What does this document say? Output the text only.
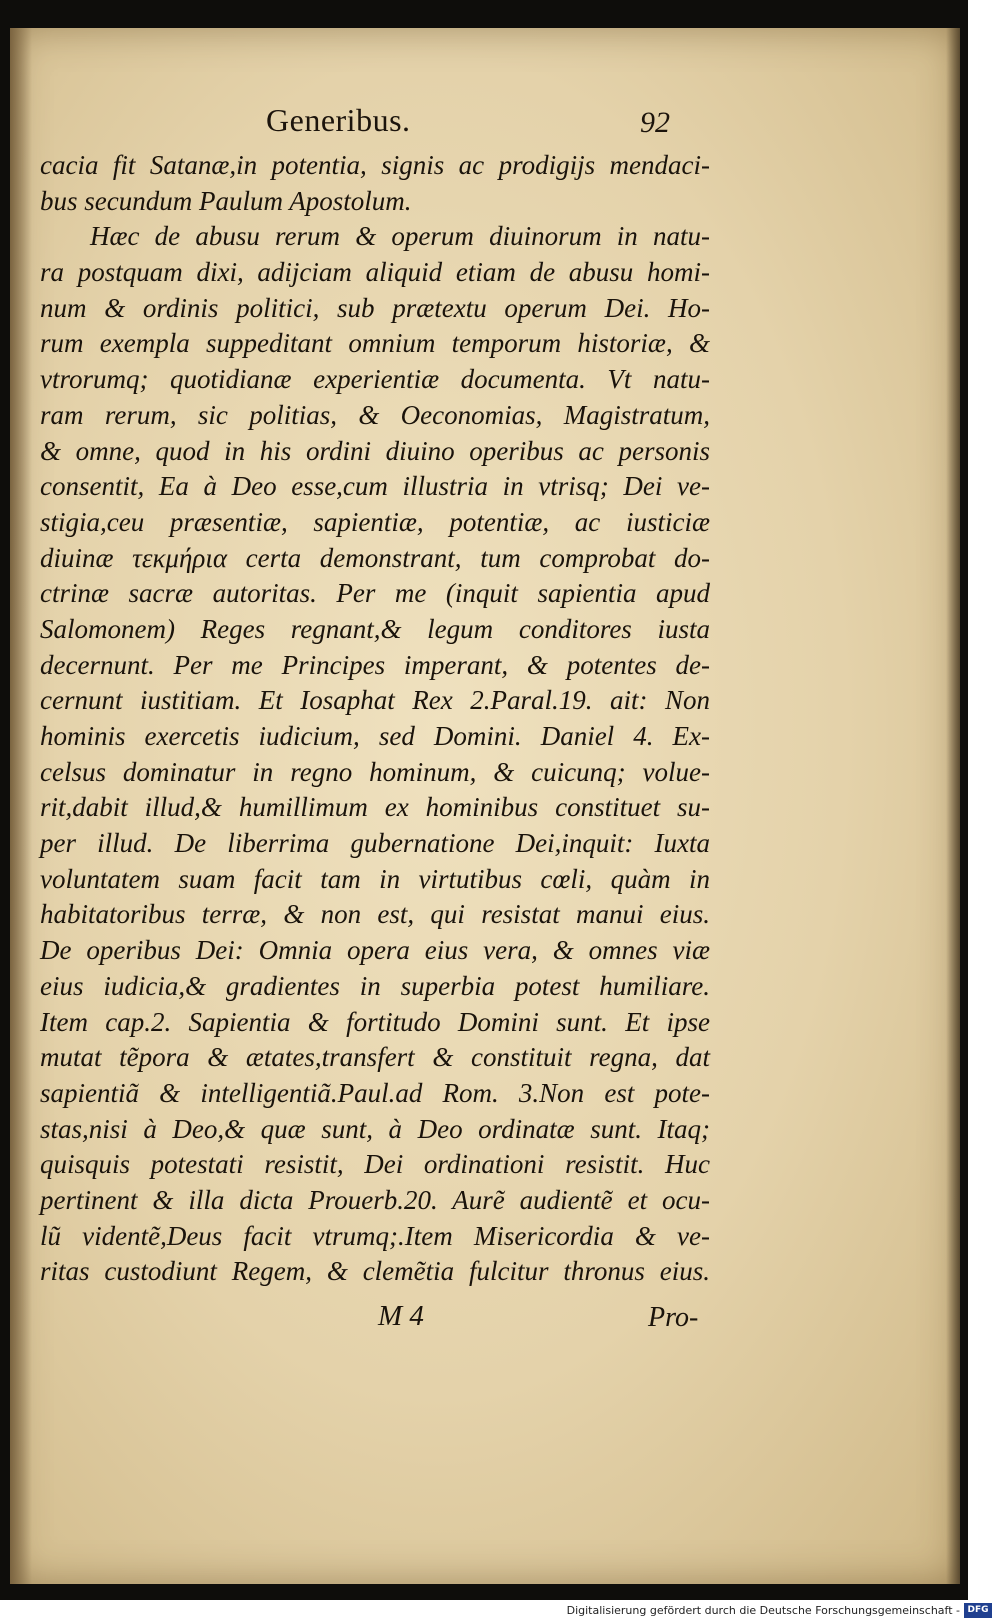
Generibus.	92
cacia fit Satanæ,in potentia, signis ac prodigijs mendaci-
bus secundum Paulum Apostolum.
Hæc de abusu rerum & operum diuinorum in natu-
ra postquam dixi, adijciam aliquid etiam de abusu homi-
num & ordinis politici, sub prætextu operum Dei. Ho-
rum exempla suppeditant omnium temporum historiæ, &
vtrorumq; quotidianæ experientiæ documenta. Vt natu-
ram rerum, sic politias, & Oeconomias, Magistratum,
& omne, quod in his ordini diuino operibus ac personis
consentit, Ea à Deo esse,cum illustria in vtrisq; Dei ve-
stigia,ceu præsentiæ, sapientiæ, potentiæ, ac iusticiæ
diuinæ τεκμήρια certa demonstrant, tum comprobat do-
ctrinæ sacræ autoritas. Per me (inquit sapientia apud
Salomonem) Reges regnant,& legum conditores iusta
decernunt. Per me Principes imperant, & potentes de-
cernunt iustitiam. Et Iosaphat Rex 2.Paral.19. ait: Non
hominis exercetis iudicium, sed Domini. Daniel 4. Ex-
celsus dominatur in regno hominum, & cuicunq; volue-
rit,dabit illud,& humillimum ex hominibus constituet su-
per illud. De liberrima gubernatione Dei,inquit: Iuxta
voluntatem suam facit tam in virtutibus cœli, quàm in
habitatoribus terræ, & non est, qui resistat manui eius.
De operibus Dei: Omnia opera eius vera, & omnes viæ
eius iudicia,& gradientes in superbia potest humiliare.
Item cap.2. Sapientia & fortitudo Domini sunt. Et ipse
mutat tẽpora & ætates,transfert & constituit regna, dat
sapientiã & intelligentiã.Paul.ad Rom. 3.Non est pote-
stas,nisi à Deo,& quæ sunt, à Deo ordinatæ sunt. Itaq;
quisquis potestati resistit, Dei ordinationi resistit. Huc
pertinent & illa dicta Prouerb.20. Aurẽ audientẽ et ocu-
lũ videntẽ,Deus facit vtrumq;.Item Misericordia & ve-
ritas custodiunt Regem, & clemẽtia fulcitur thronus eius.
M 4	Pro-
Digitalisierung gefördert durch die Deutsche Forschungsgemeinschaft - DFG
